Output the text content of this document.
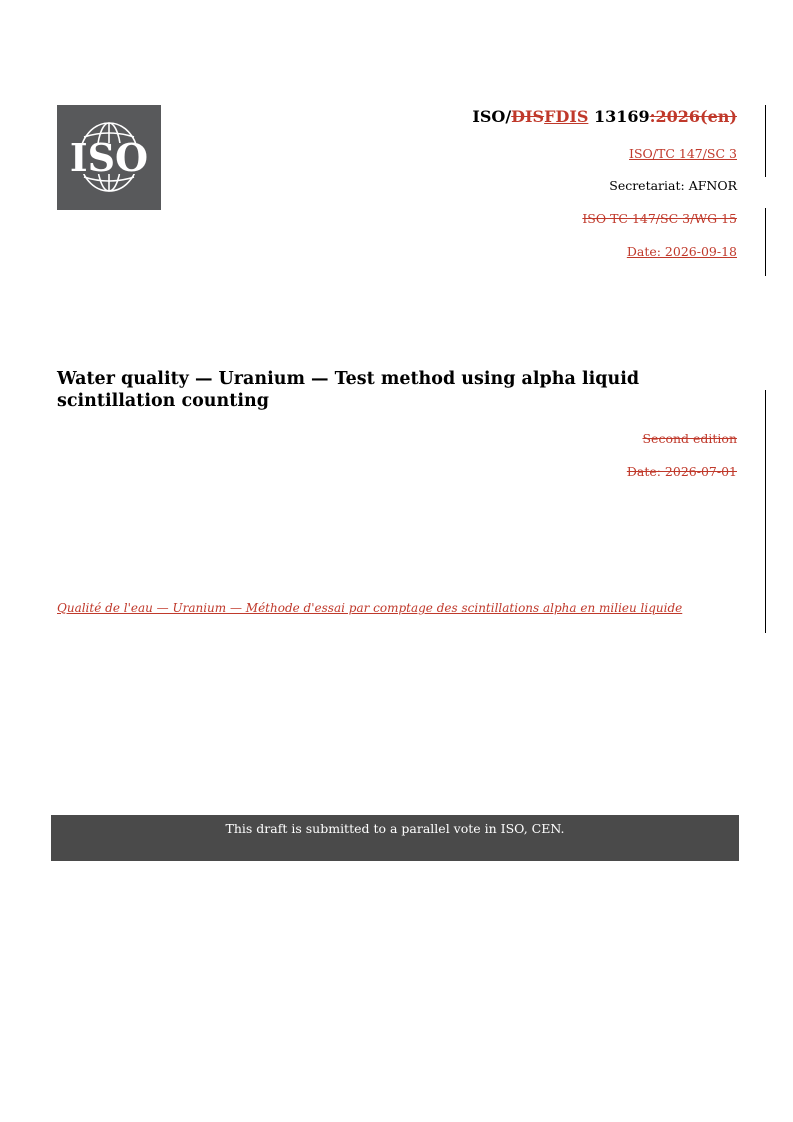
ISO
ISO/DISFDIS 13169:2026(en)
ISO/TC 147/SC 3
Secretariat: AFNOR
ISO TC 147/SC 3/WG 15
Date: 2026-09-18
Water quality — Uranium — Test method using alpha liquid scintillation counting
Second edition
Date: 2026-07-01
Qualité de l'eau — Uranium — Méthode d'essai par comptage des scintillations alpha en milieu liquide
This draft is submitted to a parallel vote in ISO, CEN.
